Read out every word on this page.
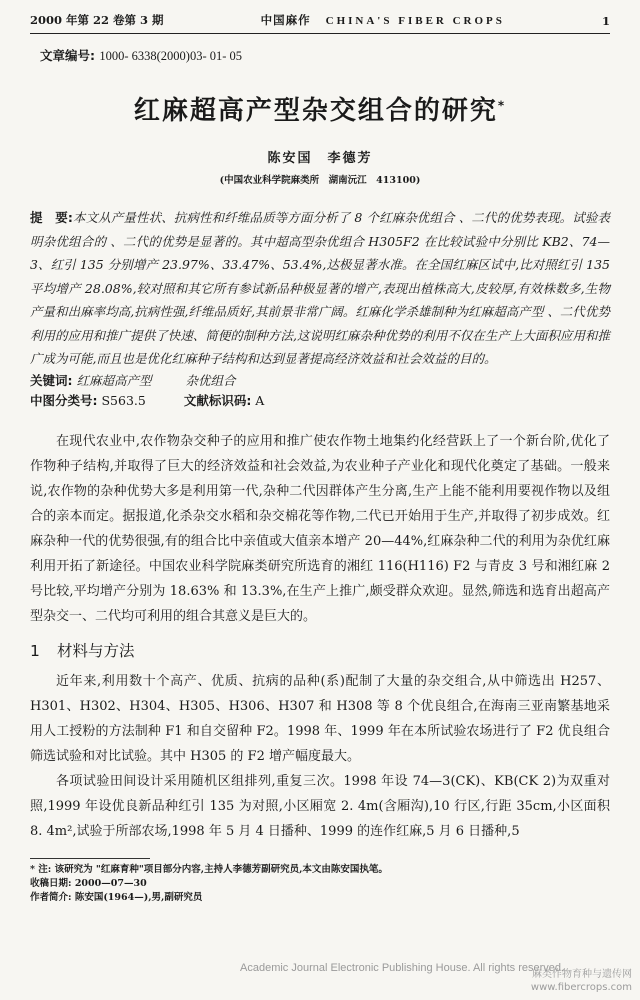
2000 年第 22 卷第 3 期	中国麻作 CHINA'S FIBER CROPS	1
文章编号: 1000- 6338(2000)03- 01- 05
红麻超高产型杂交组合的研究*
陈安国　李德芳
(中国农业科学院麻类所　湖南沅江　413100)
提　要:本文从产量性状、抗病性和纤维品质等方面分析了 8 个红麻杂优组合 、二代的优势表现。试验表明杂优组合的 、二代的优势是显著的。其中超高型杂优组合 H305F2 在比较试验中分别比 KB2、74—3、红引 135 分别增产 23.97%、33.47%、53.4%,达极显著水准。在全国红麻区试中,比对照红引 135 平均增产 28.08%,较对照和其它所有参试新品种极显著的增产,表现出植株高大,皮较厚,有效株数多,生物产量和出麻率均高,抗病性强,纤维品质好,其前景非常广阔。红麻化学杀雄制种为红麻超高产型 、二代优势利用的应用和推广提供了快速、简便的制种方法,这说明红麻杂种优势的利用不仅在生产上大面积应用和推广成为可能,而且也是优化红麻种子结构和达到显著提高经济效益和社会效益的目的。
关键词: 红麻超高产型	杂优组合
中图分类号: S563.5	文献标识码: A
在现代农业中,农作物杂交种子的应用和推广使农作物土地集约化经营跃上了一个新台阶,优化了作物种子结构,并取得了巨大的经济效益和社会效益,为农业种子产业化和现代化奠定了基础。一般来说,农作物的杂种优势大多是利用第一代,杂种二代因群体产生分离,生产上能不能利用要视作物以及组合的亲本而定。据报道,化杀杂交水稻和杂交棉花等作物,二代已开始用于生产,并取得了初步成效。红麻杂种一代的优势很强,有的组合比中亲值或大值亲本增产 20—44%,红麻杂种二代的利用为杂优红麻利用开拓了新途径。中国农业科学院麻类研究所选育的湘红 116(H116) F2 与青皮 3 号和湘红麻 2 号比较,平均增产分别为 18.63% 和 13.3%,在生产上推广,颇受群众欢迎。显然,筛选和选育出超高产型杂交一、二代均可利用的组合其意义是巨大的。
1 材料与方法
近年来,利用数十个高产、优质、抗病的品种(系)配制了大量的杂交组合,从中筛选出 H257、H301、H302、H304、H305、H306、H307 和 H308 等 8 个优良组合,在海南三亚南繁基地采用人工授粉的方法制种 F1 和自交留种 F2。1998 年、1999 年在本所试验农场进行了 F2 优良组合筛选试验和对比试验。其中 H305 的 F2 增产幅度最大。
各项试验田间设计采用随机区组排列,重复三次。1998 年设 74—3(CK)、KB(CK 2)为双重对照,1999 年设优良新品种红引 135 为对照,小区厢宽 2. 4m(含厢沟),10 行区,行距 35cm,小区面积 8. 4m²,试验于所部农场,1998 年 5 月 4 日播种、1999 的连作红麻,5 月 6 日播种,5
* 注: 该研究为 "红麻育种"项目部分内容,主持人李德芳副研究员,本文由陈安国执笔。
收稿日期: 2000—07—30
作者简介: 陈安国(1964—),男,副研究员
Academic Journal Electronic Publishing House. All rights reserved.
麻类作物育种与遗传网
www.fibercrops.com
